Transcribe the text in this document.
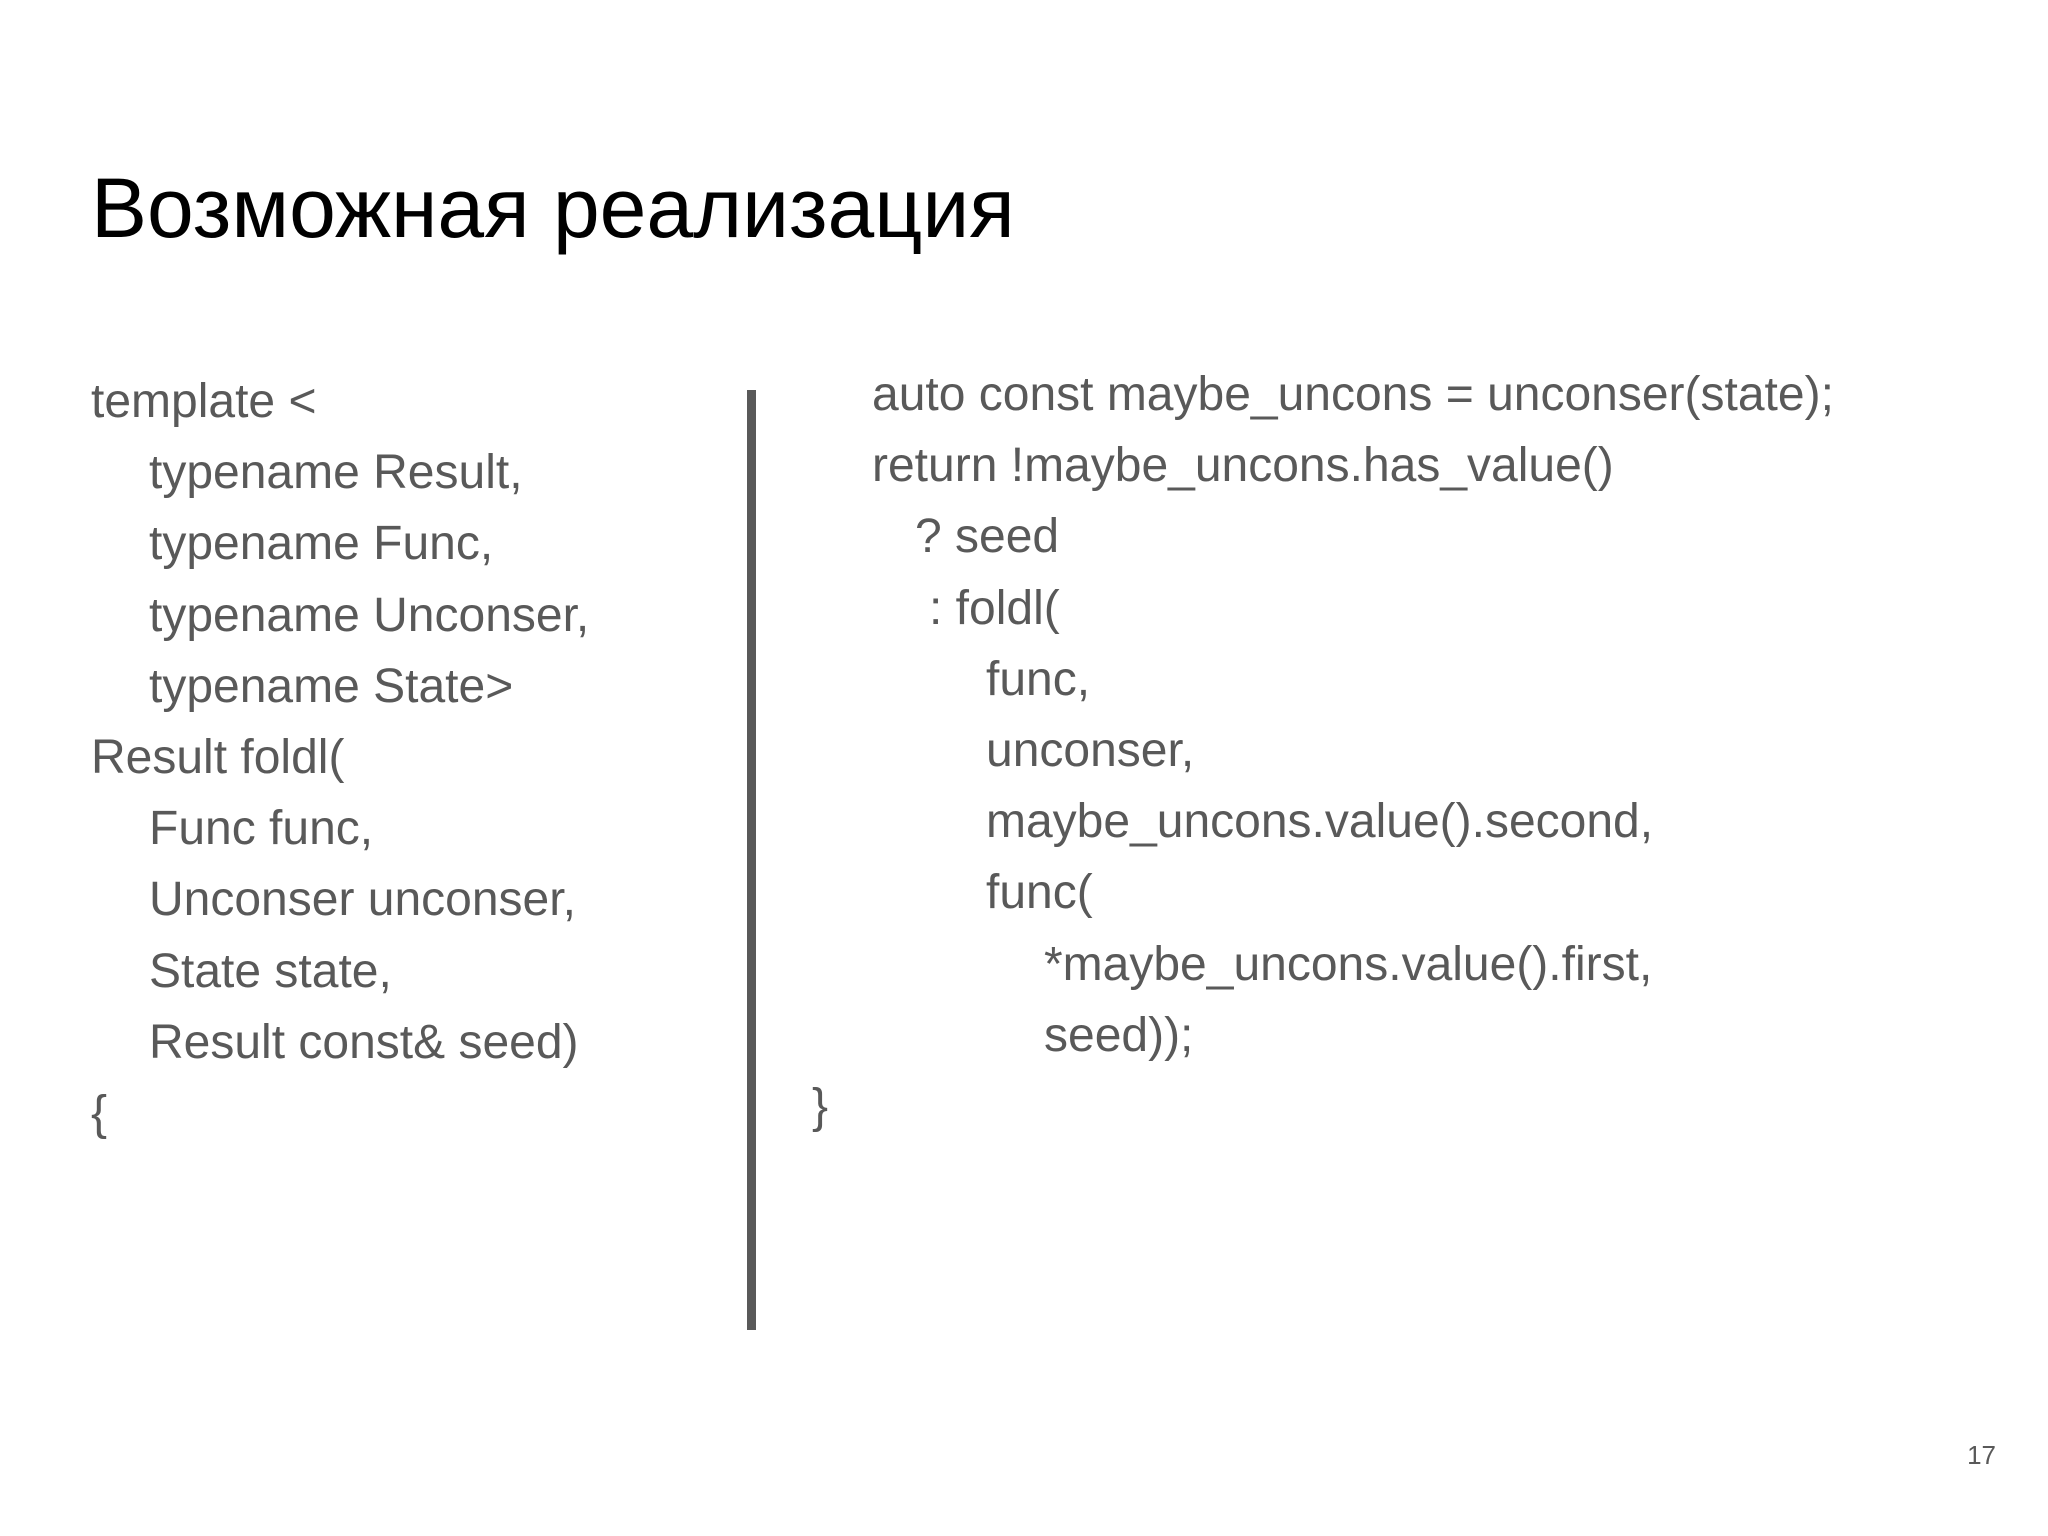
Возможная реализация
template <
typename Result,
typename Func,
typename Unconser,
typename State>
Result foldl(
Func func,
Unconser unconser,
State state,
Result const& seed)
{
auto const maybe_uncons = unconser(state);
return !maybe_uncons.has_value()
? seed
: foldl(
func,
unconser,
maybe_uncons.value().second,
func(
*maybe_uncons.value().first,
seed));
}
17
